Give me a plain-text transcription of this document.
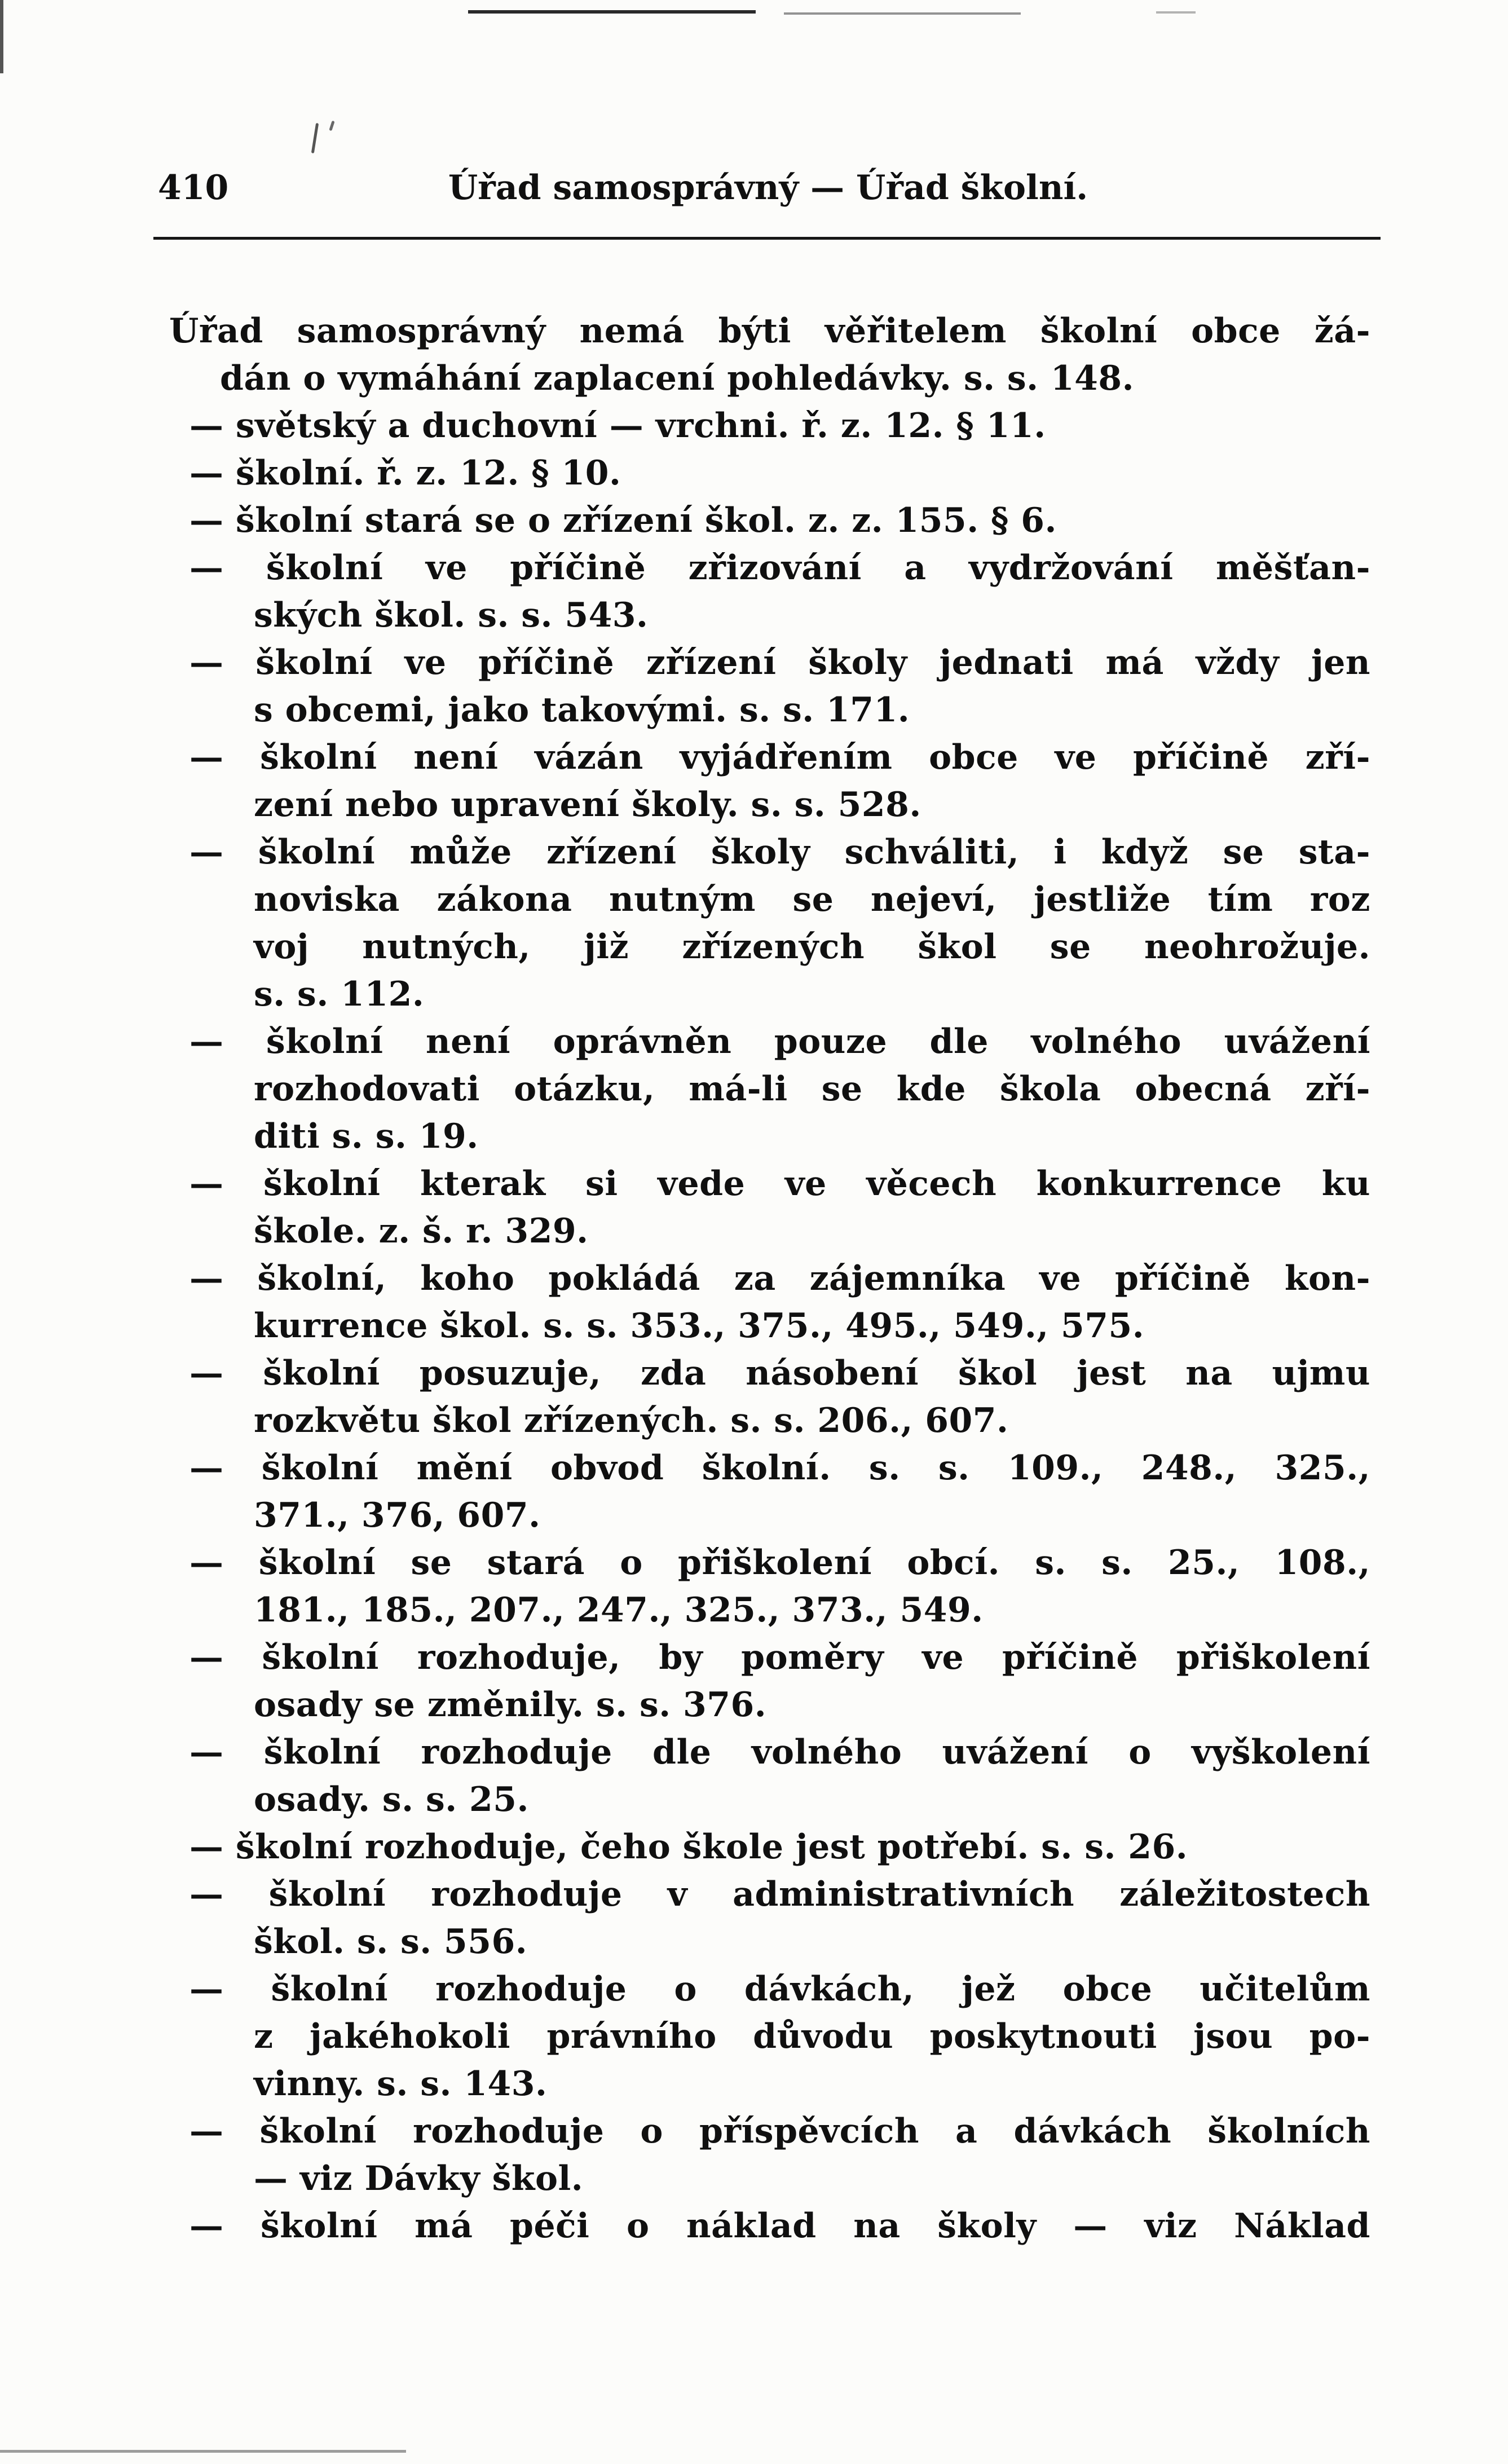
410	Úřad samosprávný — Úřad školní.
Úřad samosprávný nemá býti věřitelem školní obce žá-
dán o vymáhání zaplacení pohledávky. s. s. 148.
— světský a duchovní — vrchni. ř. z. 12. § 11.
— školní. ř. z. 12. § 10.
— školní stará se o zřízení škol. z. z. 155. § 6.
— školní ve příčině zřizování a vydržování měšťan-
ských škol. s. s. 543.
— školní ve příčině zřízení školy jednati má vždy jen
s obcemi, jako takovými. s. s. 171.
— školní není vázán vyjádřením obce ve příčině zří-
zení nebo upravení školy. s. s. 528.
— školní může zřízení školy schváliti, i když se sta-
noviska zákona nutným se nejeví, jestliže tím roz
voj nutných, již zřízených škol se neohrožuje.
s. s. 112.
— školní není oprávněn pouze dle volného uvážení
rozhodovati otázku, má-li se kde škola obecná zří-
diti s. s. 19.
— školní kterak si vede ve věcech konkurrence ku
škole. z. š. r. 329.
— školní, koho pokládá za zájemníka ve příčině kon-
kurrence škol. s. s. 353., 375., 495., 549., 575.
— školní posuzuje, zda násobení škol jest na ujmu
rozkvětu škol zřízených. s. s. 206., 607.
— školní mění obvod školní. s. s. 109., 248., 325.,
371., 376, 607.
— školní se stará o přiškolení obcí. s. s. 25., 108.,
181., 185., 207., 247., 325., 373., 549.
— školní rozhoduje, by poměry ve příčině přiškolení
osady se změnily. s. s. 376.
— školní rozhoduje dle volného uvážení o vyškolení
osady. s. s. 25.
— školní rozhoduje, čeho škole jest potřebí. s. s. 26.
— školní rozhoduje v administrativních záležitostech
škol. s. s. 556.
— školní rozhoduje o dávkách, jež obce učitelům
z jakéhokoli právního důvodu poskytnouti jsou po-
vinny. s. s. 143.
— školní rozhoduje o příspěvcích a dávkách školních
— viz Dávky škol.
— školní má péči o náklad na školy — viz Náklad
